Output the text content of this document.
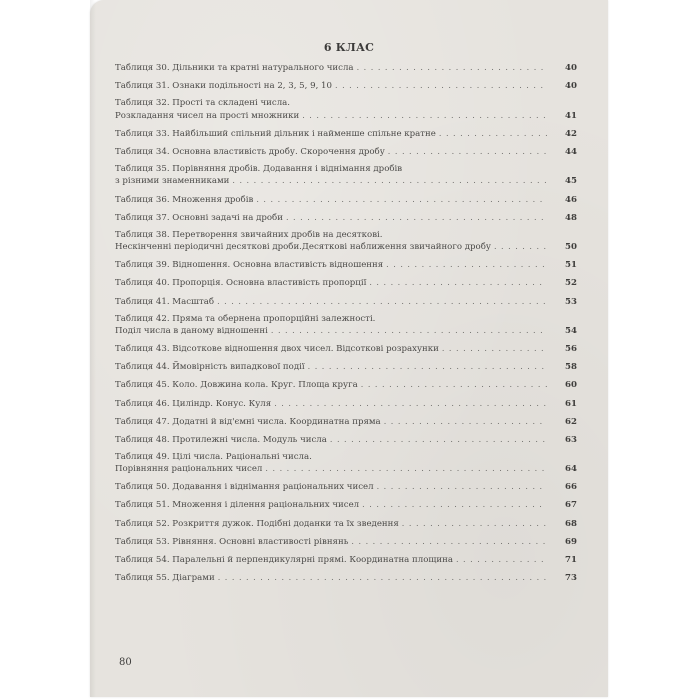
6 КЛАС
Таблиця 30. Дільники та кратні натурального числа . . .	40
Таблиця 31. Ознаки подільності на 2, 3, 5, 9, 10 . . .	40
Таблиця 32. Прості та складені числа.
Розкладання чисел на прості множники . . .	41
Таблиця 33. Найбільший спільний дільник і найменше спільне кратне . . .	42
Таблиця 34. Основна властивість дробу. Скорочення дробу . . .	44
Таблиця 35. Порівняння дробів. Додавання і віднімання дробів
з різними знаменниками . . .	45
Таблиця 36. Множення дробів . . .	46
Таблиця 37. Основні задачі на дроби . . .	48
Таблиця 38. Перетворення звичайних дробів на десяткові.
Нескінченні періодичні десяткові дроби.Десяткові наближення звичайного дробу . . .	50
Таблиця 39. Відношення. Основна властивість відношення . . .	51
Таблиця 40. Пропорція. Основна властивість пропорції . . .	52
Таблиця 41. Масштаб . . .	53
Таблиця 42. Пряма та обернена пропорційні залежності.
Поділ числа в даному відношенні . . .	54
Таблиця 43. Відсоткове відношення двох чисел. Відсоткові розрахунки . . .	56
Таблиця 44. Ймовірність випадкової події . . .	58
Таблиця 45. Коло. Довжина кола. Круг. Площа круга . . .	60
Таблиця 46. Циліндр. Конус. Куля . . .	61
Таблиця 47. Додатні й від'ємні числа. Координатна пряма . . .	62
Таблиця 48. Протилежні числа. Модуль числа . . .	63
Таблиця 49. Цілі числа. Раціональні числа.
Порівняння раціональних чисел . . .	64
Таблиця 50. Додавання і віднімання раціональних чисел . . .	66
Таблиця 51. Множення і ділення раціональних чисел . . .	67
Таблиця 52. Розкриття дужок. Подібні доданки та їх зведення . . .	68
Таблиця 53. Рівняння. Основні властивості рівнянь . . .	69
Таблиця 54. Паралельні й перпендикулярні прямі. Координатна площина . . .	71
Таблиця 55. Діаграми . . .	73
80
